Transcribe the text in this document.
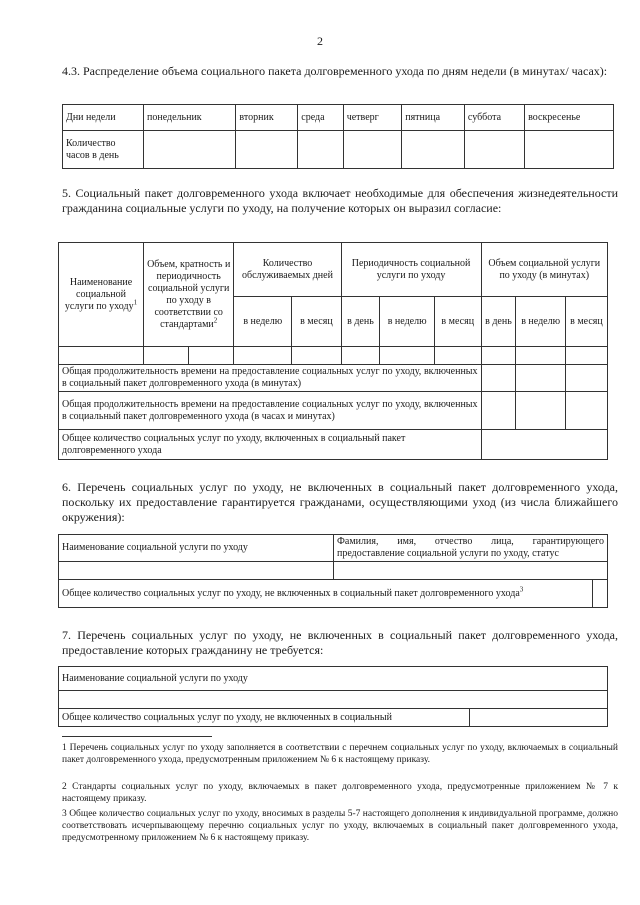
2
4.3. Распределение объема социального пакета долговременного ухода по дням недели (в минутах/ часах):
Дни недели	понедельник	вторник	среда	четверг	пятница	суббота	воскресенье
Количество часов в день							
5. Социальный пакет долговременного ухода включает необходимые для обеспечения жизнедеятельности гражданина социальные услуги по уходу, на получение которых он выразил согласие:
Наименование социальной услуги по уходу$^1$	Объем, кратность и периодичность социальной услуги по уходу в соответствии со стандартами$^2$		Количество обслуживаемых дней		Периодичность социальной услуги по уходу			Объем социальной услуги по уходу (в минутах)		
			в неделю	в месяц	в день	в неделю	в месяц	в день	в неделю	в месяц

Общая продолжительность времени на предоставление социальных услуг по уходу, включенных в социальный пакет долговременного ухода (в минутах)										
Общая продолжительность времени на предоставление социальных услуг по уходу, включенных в социальный пакет долговременного ухода (в часах и минутах)										
Общее количество социальных услуг по уходу, включенных в социальный пакет долговременного ухода										
6. Перечень социальных услуг по уходу, не включенных в социальный пакет долговременного ухода, поскольку их предоставление гарантируется гражданами, осуществляющими уход (из числа ближайшего окружения):
Наименование социальной услуги по уходу	Фамилия, имя, отчество лица, гарантирующего предоставление социальной услуги по уходу, статус	

Общее количество социальных услуг по уходу, не включенных в социальный пакет долговременного ухода$^3$	
7. Перечень социальных услуг по уходу, не включенных в социальный пакет долговременного ухода, предоставление которых гражданину не требуется:
Наименование социальной услуги по уходу

Общее количество социальных услуг по уходу, не включенных в социальный	
1 Перечень социальных услуг по уходу заполняется в соответствии с перечнем социальных услуг по уходу, включаемых в социальный пакет долговременного ухода, предусмотренным приложением № 6 к настоящему приказу.
2 Стандарты социальных услуг по уходу, включаемых в пакет долговременного ухода, предусмотренные приложением № 7 к настоящему приказу.
3 Общее количество социальных услуг по уходу, вносимых в разделы 5-7 настоящего дополнения к индивидуальной программе, должно соответствовать исчерпывающему перечню социальных услуг по уходу, включаемых в социальный пакет долговременного ухода, предусмотренному приложением № 6 к настоящему приказу.
